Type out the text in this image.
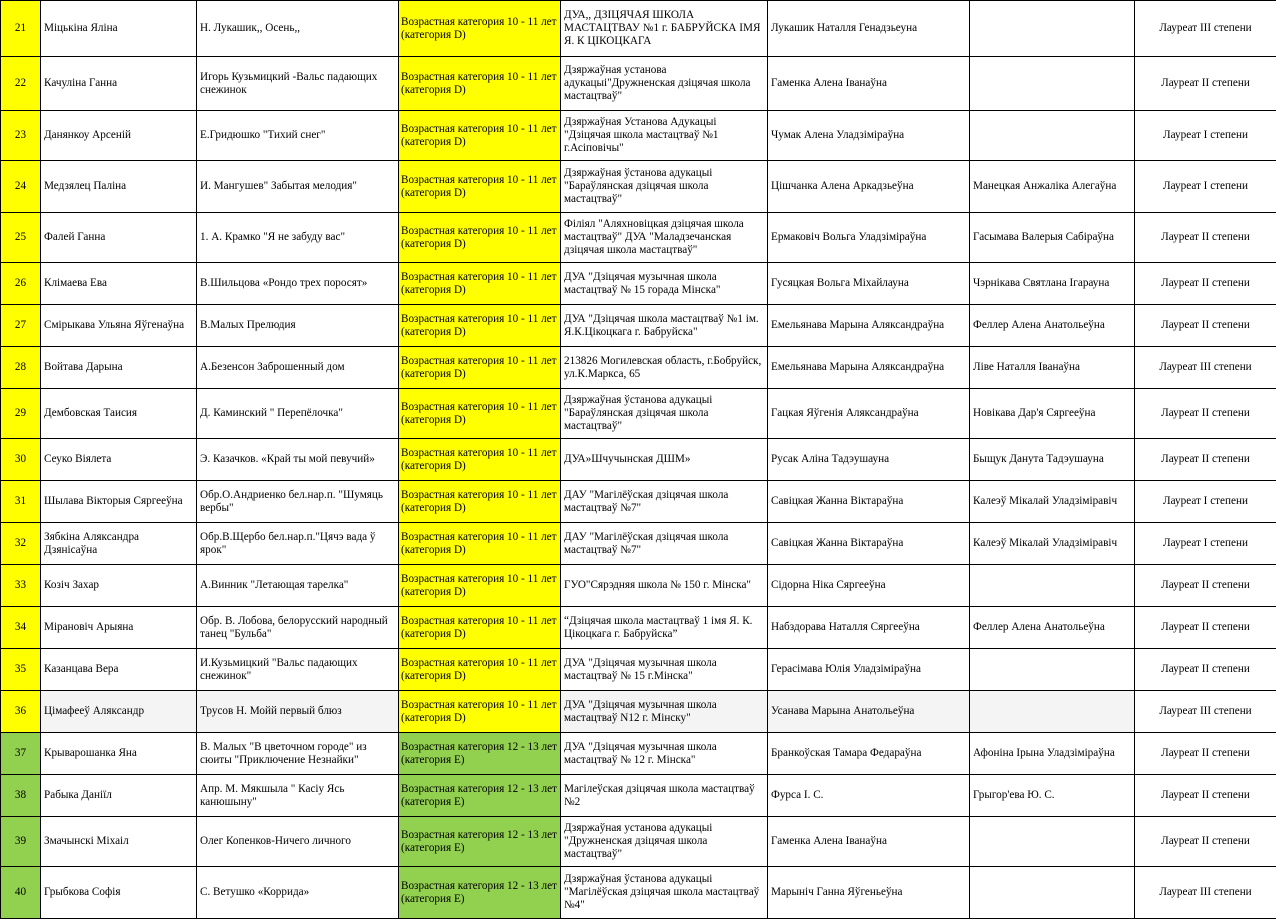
21	Міцькіна Яліна	Н. Лукашик,, Осень,,	Возрастная категория 10 - 11 лет (категория D)	ДУА,, ДЗІЦЯЧАЯ ШКОЛА МАСТАЦТВАУ №1 г. БАБРУЙСКА ІМЯ Я. К ЦІКОЦКАГА	Лукашик Наталля Генадзьеуна		Лауреат III степени
22	Качуліна Ганна	Игорь Кузьмицкий -Вальс падающих снежинок	Возрастная категория 10 - 11 лет (категория D)	Дзяржаўная установа адукацыі"Дружненская дзіцячая школа мастацтваў"	Гаменка Алена Іванаўна		Лауреат II степени
23	Данянкоу Арсеній	Е.Гридюшко "Тихий снег"	Возрастная категория 10 - 11 лет (категория D)	Дзяржаўная Установа Адукацыі "Дзіцячая школа мастацтваў №1 г.Асіповічы"	Чумак Алена Уладзіміраўна		Лауреат I степени
24	Медзялец Паліна	И. Мангушев" Забытая мелодия"	Возрастная категория 10 - 11 лет (категория D)	Дзяржаўная ўстанова адукацыі "Бараўлянская дзіцячая школа мастацтваў"	Цішчанка Алена Аркадзьеўна	Манецкая Анжаліка Алегаўна	Лауреат I степени
25	Фалей Ганна	1. А. Крамко "Я не забуду вас"	Возрастная категория 10 - 11 лет (категория D)	Філіял "Аляхновіцкая дзіцячая школа мастацтваў" ДУА "Маладзечанская дзіцячая школа мастацтваў"	Ермаковіч Вольга Уладзіміраўна	Гасымава Валерыя Сабіраўна	Лауреат II степени
26	Клімаева Ева	В.Шильцова «Рондо трех поросят»	Возрастная категория 10 - 11 лет (категория D)	ДУА "Дзіцячая музычная школа мастацтваў № 15 горада Мінска"	Гусяцкая Вольга Міхайлауна	Чэрнікава Святлана Ігарауна	Лауреат II степени
27	Смірыкава Ульяна Яўгенаўна	В.Малых Прелюдия	Возрастная категория 10 - 11 лет (категория D)	ДУА "Дзіцячая школа мастацтваў №1 ім. Я.К.Цікоцкага г. Бабруйска"	Емельянава Марына Аляксандраўна	Феллер Алена Анатольеўна	Лауреат II степени
28	Войтава Дарына	А.Безенсон Заброшенный дом	Возрастная категория 10 - 11 лет (категория D)	213826 Могилевская область, г.Бобруйск, ул.К.Маркса, 65	Емельянава Марына Аляксандраўна	Ліве Наталля Іванаўна	Лауреат III степени
29	Дембовская Таисия	Д. Каминский " Перепёлочка"	Возрастная категория 10 - 11 лет (категория D)	Дзяржаўная ўстанова адукацыі "Бараўлянская дзіцячая школа мастацтваў"	Гацкая Яўгенія Аляксандраўна	Новікава Дар'я Сяргееўна	Лауреат II степени
30	Сеуко Вiялета	Э. Казачков. «Край ты мой певучий»	Возрастная категория 10 - 11 лет (категория D)	ДУА»Шчучынская ДШМ»	Русак Аліна Тадэушауна	Быщук Данута Тадэушауна	Лауреат II степени
31	Шылава Вікторыя Сяргееўна	Обр.О.Андриенко бел.нар.п. "Шумяць вербы"	Возрастная категория 10 - 11 лет (категория D)	ДАУ "Магілёўская дзіцячая школа мастацтваў №7"	Савіцкая Жанна Віктараўна	Калеэў Мікалай Уладзіміравіч	Лауреат I степени
32	Зябкіна Аляксандра Дзянісаўна	Обр.В.Щербо бел.нар.п."Цячэ вада ў ярок"	Возрастная категория 10 - 11 лет (категория D)	ДАУ "Магілёўская дзіцячая школа мастацтваў №7"	Савіцкая Жанна Віктараўна	Калеэў Мікалай Уладзіміравіч	Лауреат I степени
33	Козіч Захар	А.Винник "Летающая тарелка"	Возрастная категория 10 - 11 лет (категория D)	ГУО"Сярэдняя школа № 150 г. Мінска"	Сідорна Ніка Сяргееўна		Лауреат II степени
34	Мірановіч Арыяна	Обр. В. Лобова, белорусский народный танец "Бульба"	Возрастная категория 10 - 11 лет (категория D)	“Дзіцячая школа мастацтваў 1 імя Я. К. Цікоцкага г. Бабруйска”	Набздорава Наталля Сяргееўна	Феллер Алена Анатольеўна	Лауреат II степени
35	Казанцава Вера	И.Кузьмицкий "Вальс падающих снежинок"	Возрастная категория 10 - 11 лет (категория D)	ДУА "Дзіцячая музычная школа мастацтваў № 15 г.Мінска"	Герасімава Юлія Уладзіміраўна		Лауреат II степени
36	Цімафееў Аляксандр	Трусов Н. Мойй первый блюз	Возрастная категория 10 - 11 лет (категория D)	ДУА "Дзіцячая музычная школа мастацтваў N12 г. Мінску"	Усанава Марына Анатольеўна		Лауреат III степени
37	Крыварошанка Яна	В. Малых "В цветочном городе" из сюиты "Приключение Незнайки"	Возрастная категория 12 - 13 лет (категория E)	ДУА "Дзіцячая музычная школа мастацтваў № 12 г. Мінска"	Бранкоўская Тамара Федараўна	Афоніна Ірына Уладзіміраўна	Лауреат II степени
38	Рабыка Даніїл	Апр. М. Мякшыла " Касіу Ясь канюшыну"	Возрастная категория 12 - 13 лет (категория E)	Магілеўская дзіцячая школа мастацтваў №2	Фурса І. С.	Грыгор'ева Ю. С.	Лауреат II степени
39	Змачынскі Міхаіл	Олег Копенков-Ничего личного	Возрастная категория 12 - 13 лет (категория E)	Дзяржаўная установа адукацыі "Дружненская дзіцячая школа мастацтваў"	Гаменка Алена Іванаўна		Лауреат II степени
40	Грыбкова Софія	С. Ветушко «Коррида»	Возрастная категория 12 - 13 лет (категория E)	Дзяржаўная ўстанова адукацыі "Магілёўская дзіцячая школа мастацтваў №4"	Марыніч Ганна Яўгеньеўна		Лауреат III степени
